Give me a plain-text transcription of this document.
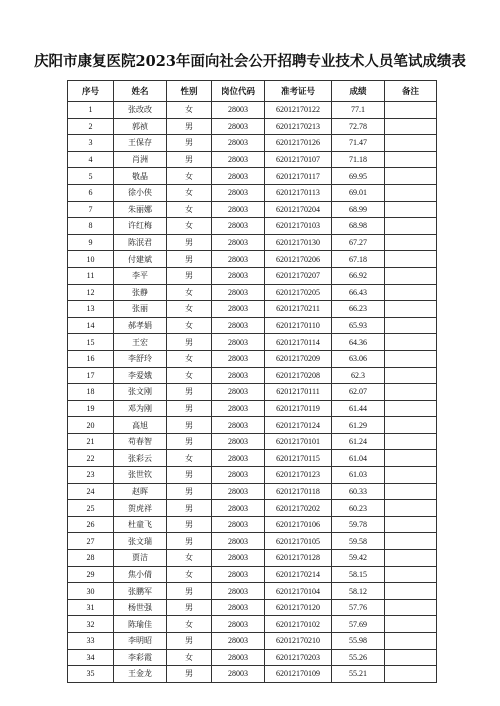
庆阳市康复医院2023年面向社会公开招聘专业技术人员笔试成绩表
序号	姓名	性别	岗位代码	准考证号	成绩	备注
1	张改改	女	28003	62012170122	77.1	
2	郭祯	男	28003	62012170213	72.78	
3	王保存	男	28003	62012170126	71.47	
4	肖洲	男	28003	62012170107	71.18	
5	敬晶	女	28003	62012170117	69.95	
6	徐小侠	女	28003	62012170113	69.01	
7	朱丽娜	女	28003	62012170204	68.99	
8	许红梅	女	28003	62012170103	68.98	
9	陈泯君	男	28003	62012170130	67.27	
10	付建斌	男	28003	62012170206	67.18	
11	李平	男	28003	62012170207	66.92	
12	张静	女	28003	62012170205	66.43	
13	张丽	女	28003	62012170211	66.23	
14	郝孝娟	女	28003	62012170110	65.93	
15	王宏	男	28003	62012170114	64.36	
16	李舒玲	女	28003	62012170209	63.06	
17	李爱娥	女	28003	62012170208	62.3	
18	张文刚	男	28003	62012170111	62.07	
19	邓为刚	男	28003	62012170119	61.44	
20	高旭	男	28003	62012170124	61.29	
21	苟春智	男	28003	62012170101	61.24	
22	张彩云	女	28003	62012170115	61.04	
23	张世钦	男	28003	62012170123	61.03	
24	赵晖	男	28003	62012170118	60.33	
25	贺虎祥	男	28003	62012170202	60.23	
26	杜童飞	男	28003	62012170106	59.78	
27	张文瑞	男	28003	62012170105	59.58	
28	贾洁	女	28003	62012170128	59.42	
29	焦小倩	女	28003	62012170214	58.15	
30	张鹏军	男	28003	62012170104	58.12	
31	杨世强	男	28003	62012170120	57.76	
32	陈瑜佳	女	28003	62012170102	57.69	
33	李明昭	男	28003	62012170210	55.98	
34	李彩霞	女	28003	62012170203	55.26	
35	王金龙	男	28003	62012170109	55.21	
